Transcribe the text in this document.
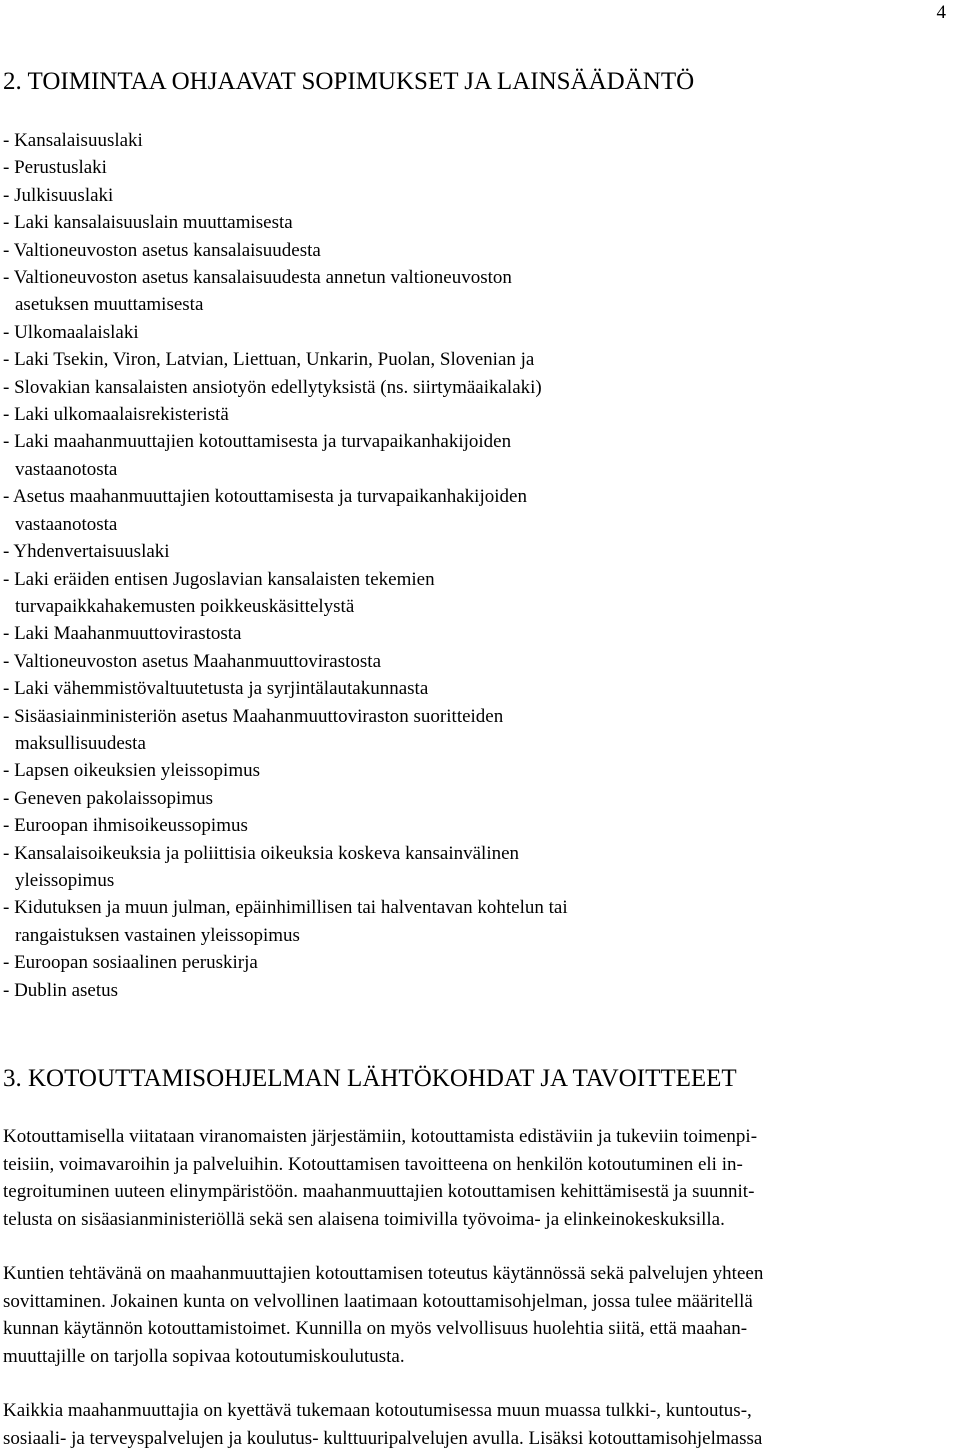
4
2. TOIMINTAA OHJAAVAT SOPIMUKSET JA LAINSÄÄDÄNTÖ
- Kansalaisuuslaki
- Perustuslaki
- Julkisuuslaki
- Laki kansalaisuuslain muuttamisesta
- Valtioneuvoston asetus kansalaisuudesta
- Valtioneuvoston asetus kansalaisuudesta annetun valtioneuvoston
asetuksen muuttamisesta
- Ulkomaalaislaki
- Laki Tsekin, Viron, Latvian, Liettuan, Unkarin, Puolan, Slovenian ja
- Slovakian kansalaisten ansiotyön edellytyksistä (ns. siirtymäaikalaki)
- Laki ulkomaalaisrekisteristä
- Laki maahanmuuttajien kotouttamisesta ja turvapaikanhakijoiden
vastaanotosta
- Asetus maahanmuuttajien kotouttamisesta ja turvapaikanhakijoiden
vastaanotosta
- Yhdenvertaisuuslaki
- Laki eräiden entisen Jugoslavian kansalaisten tekemien
turvapaikkahakemusten poikkeuskäsittelystä
- Laki Maahanmuuttovirastosta
- Valtioneuvoston asetus Maahanmuuttovirastosta
- Laki vähemmistövaltuutetusta ja syrjintälautakunnasta
- Sisäasiainministeriön asetus Maahanmuuttoviraston suoritteiden
maksullisuudesta
- Lapsen oikeuksien yleissopimus
- Geneven pakolaissopimus
- Euroopan ihmisoikeussopimus
- Kansalaisoikeuksia ja poliittisia oikeuksia koskeva kansainvälinen
yleissopimus
- Kidutuksen ja muun julman, epäinhimillisen tai halventavan kohtelun tai
rangaistuksen vastainen yleissopimus
- Euroopan sosiaalinen peruskirja
- Dublin asetus
3. KOTOUTTAMISOHJELMAN LÄHTÖKOHDAT JA TAVOITTEEET

Kotouttamisella viitataan viranomaisten järjestämiin, kotouttamista edistäviin ja tukeviin toimenpi-
teisiin, voimavaroihin ja palveluihin. Kotouttamisen tavoitteena on henkilön kotoutuminen eli in-
tegroituminen uuteen elinympäristöön. maahanmuuttajien kotouttamisen kehittämisestä ja suunnit-
telusta on sisäasianministeriöllä sekä sen alaisena toimivilla työvoima- ja elinkeinokeskuksilla.

Kuntien tehtävänä on maahanmuuttajien kotouttamisen toteutus käytännössä sekä palvelujen yhteen
sovittaminen. Jokainen kunta on velvollinen laatimaan kotouttamisohjelman, jossa tulee määritellä
kunnan käytännön kotouttamistoimet. Kunnilla on myös velvollisuus huolehtia siitä, että maahan-
muuttajille on tarjolla sopivaa kotoutumiskoulutusta.

Kaikkia maahanmuuttajia on kyettävä tukemaan kotoutumisessa muun muassa tulkki-, kuntoutus-,
sosiaali- ja terveyspalvelujen ja koulutus- kulttuuripalvelujen avulla. Lisäksi kotouttamisohjelmassa
